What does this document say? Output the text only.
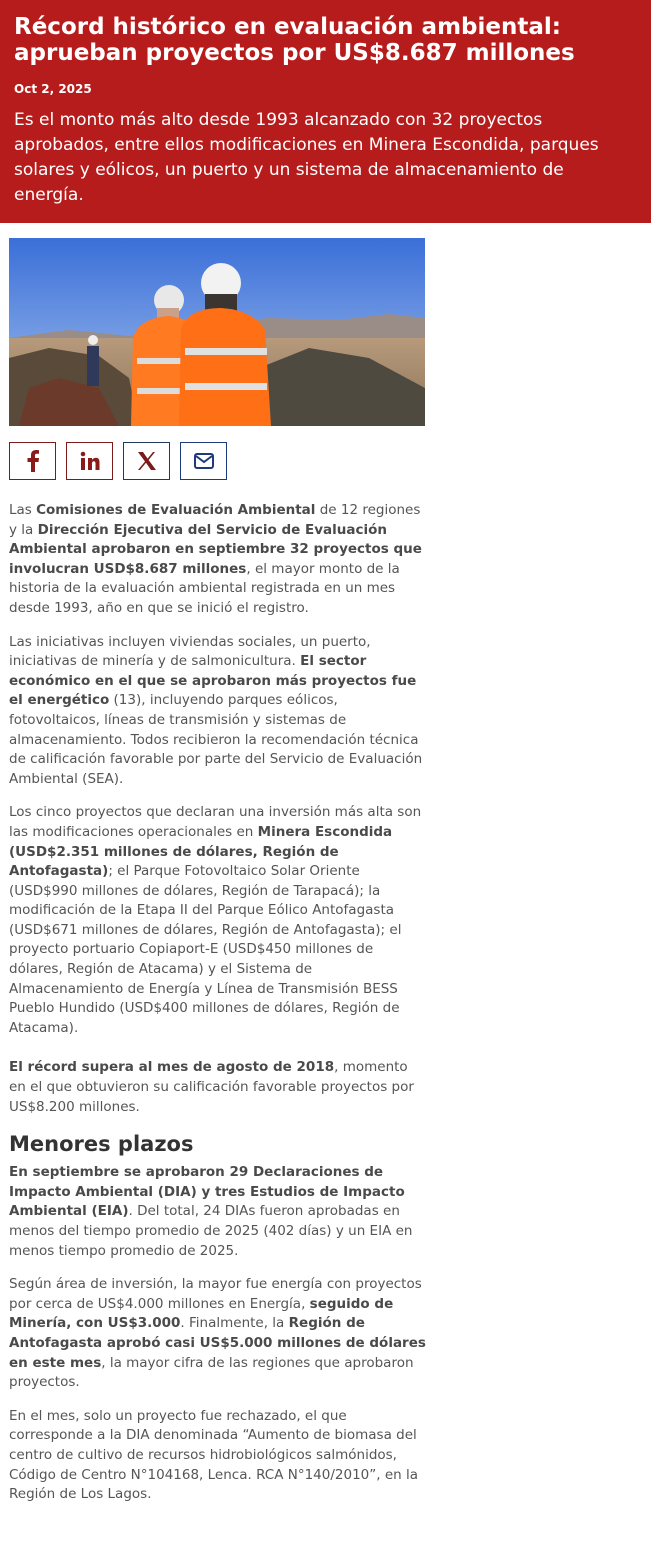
Récord histórico en evaluación ambiental: aprueban proyectos por US$8.687 millones
Oct 2, 2025
Es el monto más alto desde 1993 alcanzado con 32 proyectos aprobados, entre ellos modificaciones en Minera Escondida, parques solares y eólicos, un puerto y un sistema de almacenamiento de energía.

Las Comisiones de Evaluación Ambiental de 12 regiones y la Dirección Ejecutiva del Servicio de Evaluación Ambiental aprobaron en septiembre 32 proyectos que involucran USD$8.687 millones, el mayor monto de la historia de la evaluación ambiental registrada en un mes desde 1993, año en que se inició el registro.

Las iniciativas incluyen viviendas sociales, un puerto, iniciativas de minería y de salmonicultura. El sector económico en el que se aprobaron más proyectos fue el energético (13), incluyendo parques eólicos, fotovoltaicos, líneas de transmisión y sistemas de almacenamiento. Todos recibieron la recomendación técnica de calificación favorable por parte del Servicio de Evaluación Ambiental (SEA).

Los cinco proyectos que declaran una inversión más alta son las modificaciones operacionales en Minera Escondida (USD$2.351 millones de dólares, Región de Antofagasta); el Parque Fotovoltaico Solar Oriente (USD$990 millones de dólares, Región de Tarapacá); la modificación de la Etapa II del Parque Eólico Antofagasta (USD$671 millones de dólares, Región de Antofagasta); el proyecto portuario Copiaport-E (USD$450 millones de dólares, Región de Atacama) y el Sistema de Almacenamiento de Energía y Línea de Transmisión BESS Pueblo Hundido (USD$400 millones de dólares, Región de Atacama).

El récord supera al mes de agosto de 2018, momento en el que obtuvieron su calificación favorable proyectos por US$8.200 millones.

Menores plazos

En septiembre se aprobaron 29 Declaraciones de Impacto Ambiental (DIA) y tres Estudios de Impacto Ambiental (EIA). Del total, 24 DIAs fueron aprobadas en menos del tiempo promedio de 2025 (402 días) y un EIA en menos tiempo promedio de 2025.

Según área de inversión, la mayor fue energía con proyectos por cerca de US$4.000 millones en Energía, seguido de Minería, con US$3.000. Finalmente, la Región de Antofagasta aprobó casi US$5.000 millones de dólares en este mes, la mayor cifra de las regiones que aprobaron proyectos.

En el mes, solo un proyecto fue rechazado, el que corresponde a la DIA denominada “Aumento de biomasa del centro de cultivo de recursos hidrobiológicos salmónidos, Código de Centro N°104168, Lenca. RCA N°140/2010”, en la Región de Los Lagos.
